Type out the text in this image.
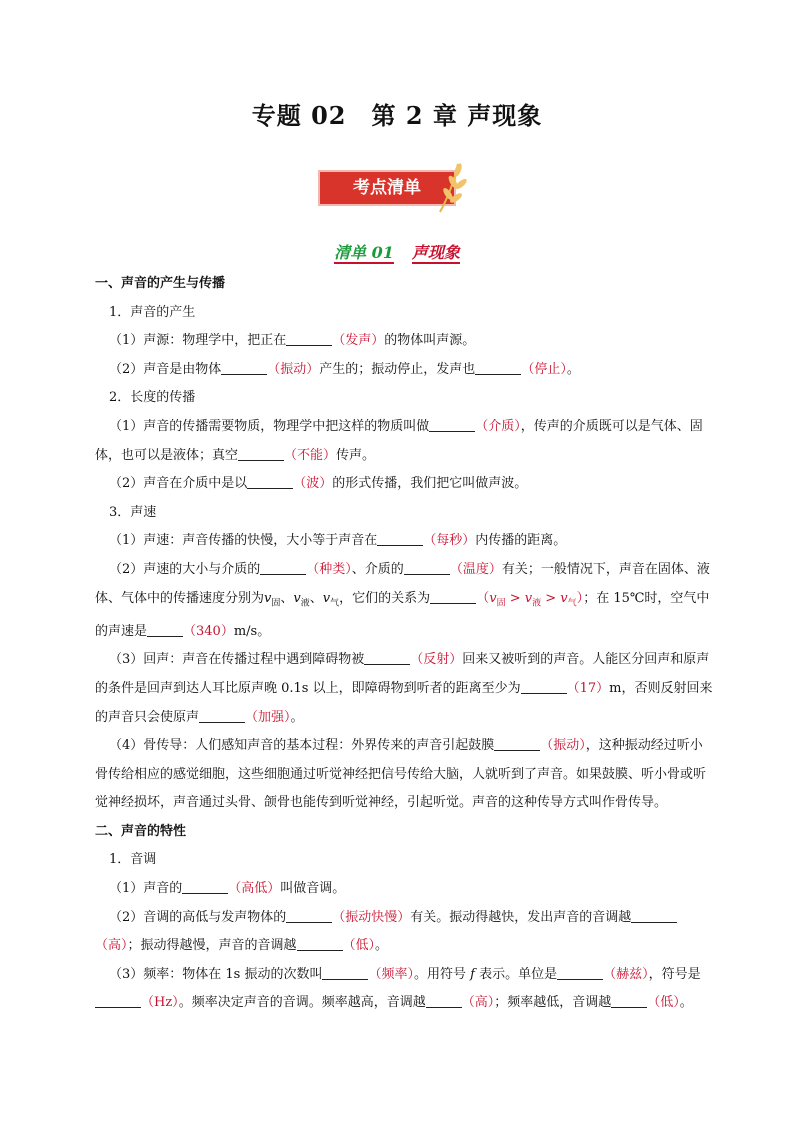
专题 02　第 2 章 声现象
考点清单
清单 01 声现象

一、声音的产生与传播

1．声音的产生

（1）声源：物理学中，把正在	（发声）的物体叫声源。

（2）声音是由物体	（振动）产生的；振动停止，发声也	（停止）。

2．长度的传播

（1）声音的传播需要物质，物理学中把这样的物质叫做	（介质），传声的介质既可以是气体、固体，也可以是液体；真空	（不能）传声。

（2）声音在介质中是以	（波）的形式传播，我们把它叫做声波。

3．声速

（1）声速：声音传播的快慢，大小等于声音在	（每秒）内传播的距离。

（2）声速的大小与介质的	（种类）、介质的	（温度）有关；一般情况下，声音在固体、液体、气体中的传播速度分别为$v_固$、$v_液$、$v_气$，它们的关系为	$(v_固 > v_液 > v_气)$；在 15℃时，空气中的声速是	（340）m/s。

（3）回声：声音在传播过程中遇到障碍物被	（反射）回来又被听到的声音。人能区分回声和原声的条件是回声到达人耳比原声晚 0.1s 以上，即障碍物到听者的距离至少为	（17）m，否则反射回来的声音只会使原声	（加强）。

（4）骨传导：人们感知声音的基本过程：外界传来的声音引起鼓膜	（振动），这种振动经过听小骨传给相应的感觉细胞，这些细胞通过听觉神经把信号传给大脑，人就听到了声音。如果鼓膜、听小骨或听觉神经损坏，声音通过头骨、颌骨也能传到听觉神经，引起听觉。声音的这种传导方式叫作骨传导。

二、声音的特性

1．音调

（1）声音的	（高低）叫做音调。

（2）音调的高低与发声物体的	（振动快慢）有关。振动得越快，发出声音的音调越（高）；振动得越慢，声音的音调越	（低）。

（3）频率：物体在 1s 振动的次数叫	（频率）。用符号 f 表示。单位是	（赫兹），符号是（Hz）。频率决定声音的音调。频率越高，音调越	（高）；频率越低，音调越	（低）。
